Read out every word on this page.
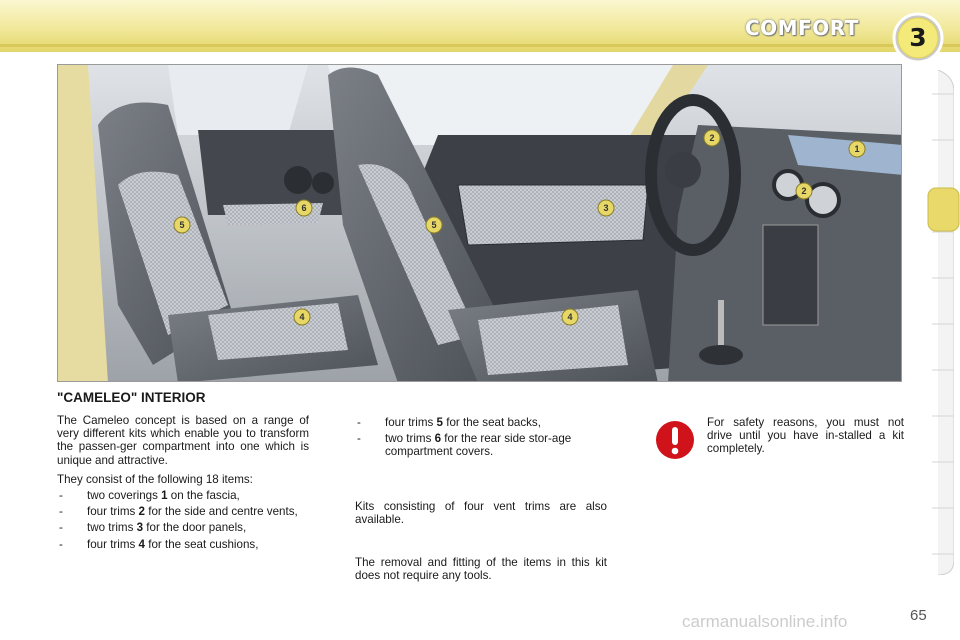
COMFORT	3
1
2
2
3
4	4
5	5
6
"CAMELEO" INTERIOR

The Cameleo concept is based on a range of very different kits which enable you to transform the passen-ger compartment into one which is unique and attractive.

They consist of the following 18 items:

- two coverings 1 on the fascia,
- four trims 2 for the side and centre vents,
- two trims 3 for the door panels,
- four trims 4 for the seat cushions,
- four trims 5 for the seat backs,
- two trims 6 for the rear side stor-age compartment covers.
Kits consisting of four vent trims are also available.
The removal and fitting of the items in this kit does not require any tools.
For safety reasons, you must not drive until you have in-stalled a kit completely.
carmanualsonline.info	65
